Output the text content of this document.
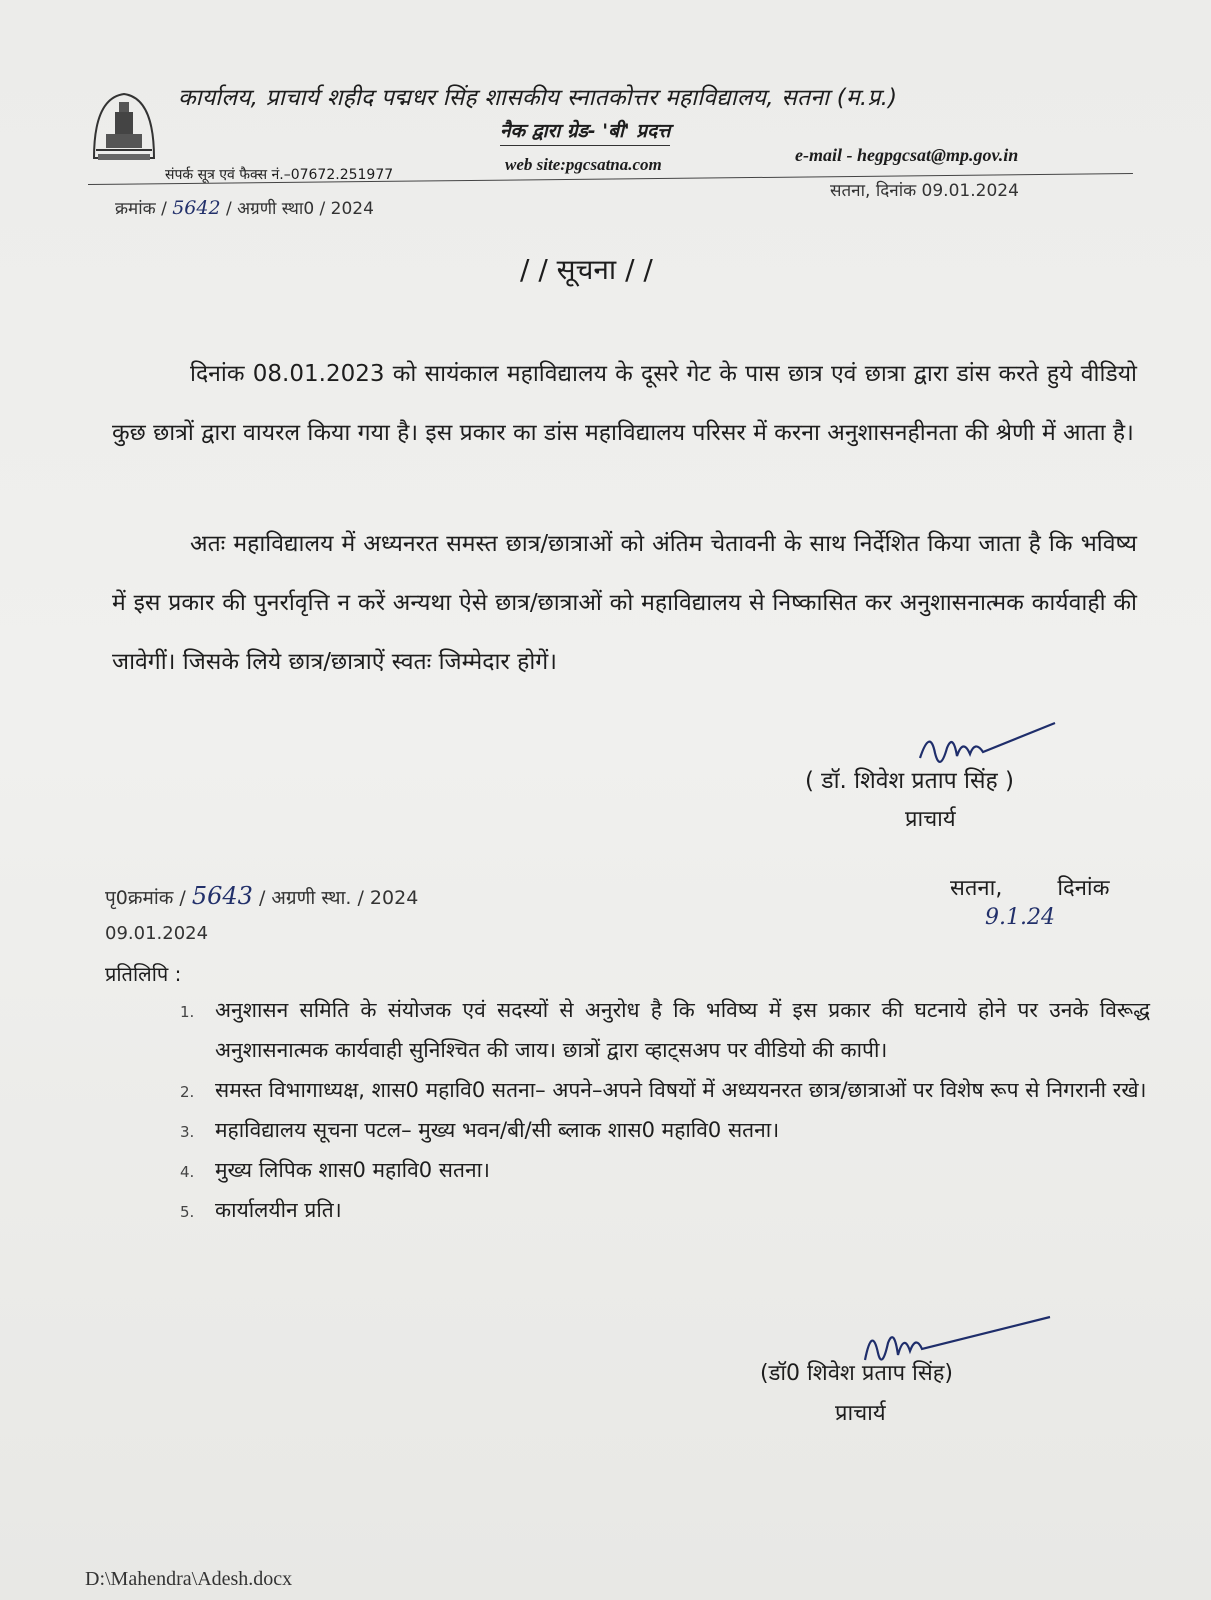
कार्यालय, प्राचार्य शहीद पद्मधर सिंह शासकीय स्नातकोत्तर महाविद्यालय, सतना (म.प्र.)
नैक द्वारा ग्रेड- 'बी' प्रदत्त
संपर्क सूत्र एवं फैक्स नं.–07672.251977
web site:pgcsatna.com	e-mail - hegpgcsat@mp.gov.in
क्रमांक / 5642 / अग्रणी स्था0 / 2024
सतना, दिनांक 09.01.2024
/ / सूचना / /

दिनांक 08.01.2023 को सायंकाल महाविद्यालय के दूसरे गेट के पास छात्र एवं छात्रा द्वारा डांस करते हुये वीडियो कुछ छात्रों द्वारा वायरल किया गया है। इस प्रकार का डांस महाविद्यालय परिसर में करना अनुशासनहीनता की श्रेणी में आता है।

अतः महाविद्यालय में अध्यनरत समस्त छात्र/छात्राओं को अंतिम चेतावनी के साथ निर्देशित किया जाता है कि भविष्य में इस प्रकार की पुनर्रावृत्ति न करें अन्यथा ऐसे छात्र/छात्राओं को महाविद्यालय से निष्कासित कर अनुशासनात्मक कार्यवाही की जावेगीं। जिसके लिये छात्र/छात्राऐं स्वतः जिम्मेदार होगें।

( डॉ. शिवेश प्रताप सिंह )
प्राचार्य
पृ0क्रमांक / 5643 / अग्रणी स्था. / 2024
09.01.2024
सतना,	दिनांक
9.1.24
प्रतिलिपि :
1. अनुशासन समिति के संयोजक एवं सदस्यों से अनुरोध है कि भविष्य में इस प्रकार की घटनाये होने पर उनके विरूद्ध अनुशासनात्मक कार्यवाही सुनिश्चित की जाय। छात्रों द्वारा व्हाट्सअप पर वीडियो की कापी।
2. समस्त विभागाध्यक्ष, शास0 महावि0 सतना– अपने–अपने विषयों में अध्ययनरत छात्र/छात्राओं पर विशेष रूप से निगरानी रखे।
3. महाविद्यालय सूचना पटल– मुख्य भवन/बी/सी ब्लाक शास0 महावि0 सतना।
4. मुख्य लिपिक शास0 महावि0 सतना।
5. कार्यालयीन प्रति।
(डॉ0 शिवेश प्रताप सिंह)
प्राचार्य
D:\Mahendra\Adesh.docx
